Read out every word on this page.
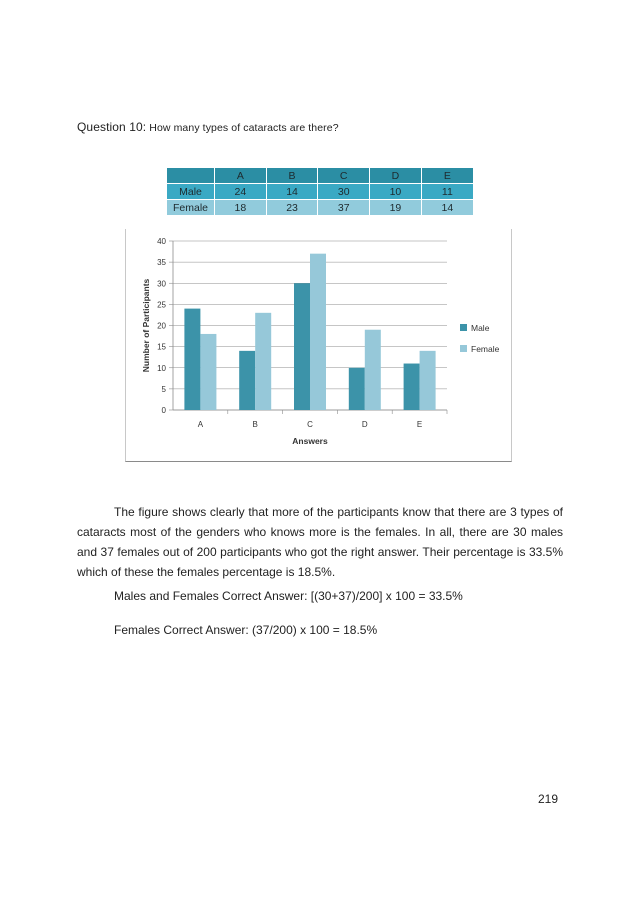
Question 10: How many types of cataracts are there?
	A	B	C	D	E
Male	24	14	30	10	11
Female	18	23	37	19	14
0
5
10
15
20
25
30
35
40
A	B	C	D	E
Answers
Number of Participants	Male
Female
The figure shows clearly that more of the participants know that there are 3 types of cataracts most of the genders who knows more is the females. In all, there are 30 males and 37 females out of 200 participants who got the right answer. Their percentage is 33.5% which of these the females percentage is 18.5%.
Males and Females Correct Answer: [(30+37)/200] x 100 = 33.5%
Females Correct Answer: (37/200) x 100 = 18.5%
219
